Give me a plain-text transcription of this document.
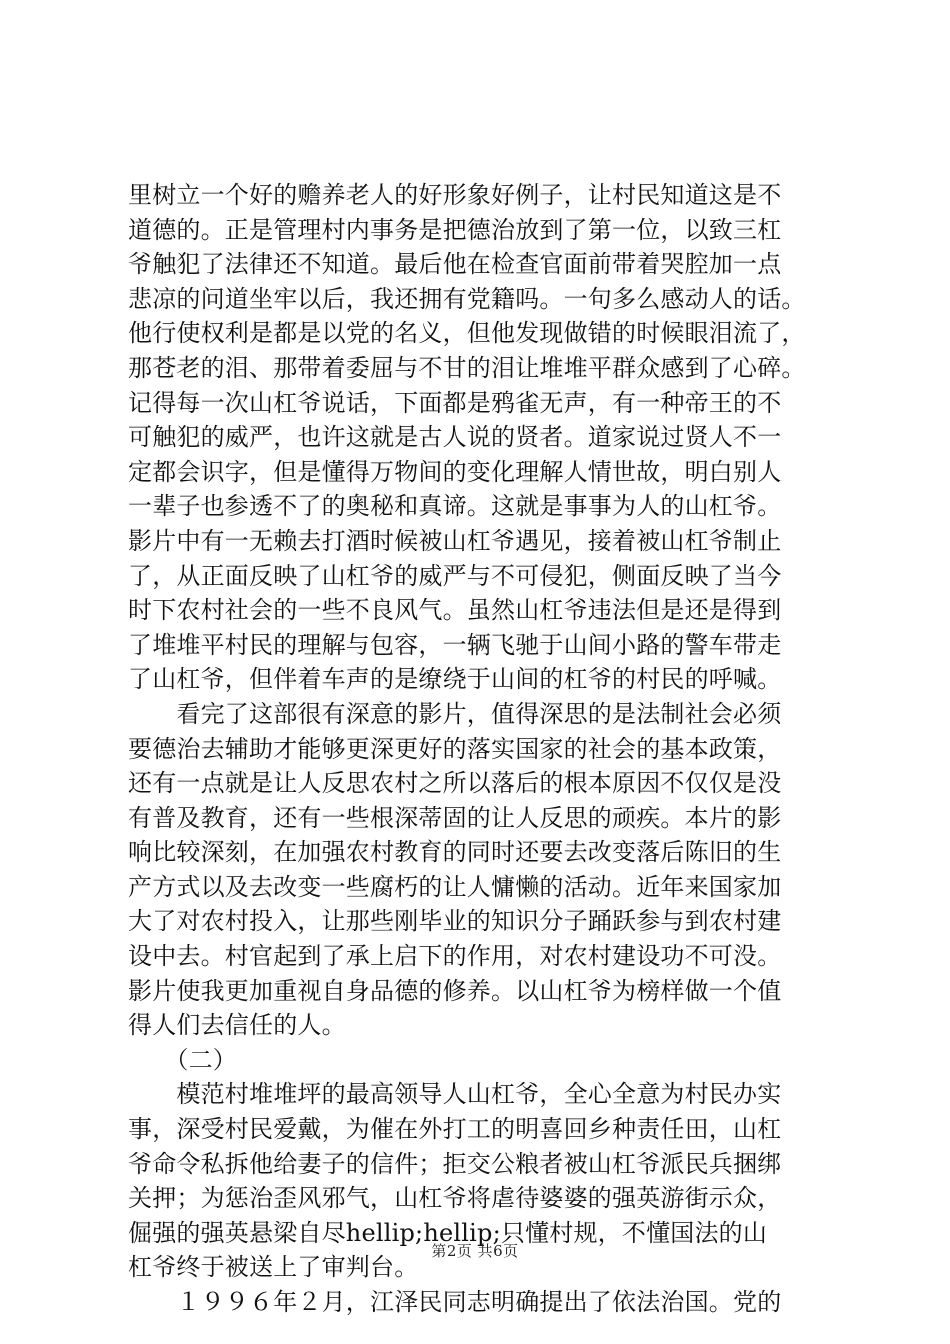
里树立一个好的赡养老人的好形象好例子，让村民知道这是不
道德的。正是管理村内事务是把德治放到了第一位，以致三杠
爷触犯了法律还不知道。最后他在检查官面前带着哭腔加一点
悲凉的问道坐牢以后，我还拥有党籍吗。一句多么感动人的话。
他行使权利是都是以党的名义，但他发现做错的时候眼泪流了，
那苍老的泪、那带着委屈与不甘的泪让堆堆平群众感到了心碎。
记得每一次山杠爷说话，下面都是鸦雀无声，有一种帝王的不
可触犯的威严，也许这就是古人说的贤者。道家说过贤人不一
定都会识字，但是懂得万物间的变化理解人情世故，明白别人
一辈子也参透不了的奥秘和真谛。这就是事事为人的山杠爷。
影片中有一无赖去打酒时候被山杠爷遇见，接着被山杠爷制止
了，从正面反映了山杠爷的威严与不可侵犯，侧面反映了当今
时下农村社会的一些不良风气。虽然山杠爷违法但是还是得到
了堆堆平村民的理解与包容，一辆飞驰于山间小路的警车带走
了山杠爷，但伴着车声的是缭绕于山间的杠爷的村民的呼喊。
　　看完了这部很有深意的影片，值得深思的是法制社会必须
要德治去辅助才能够更深更好的落实国家的社会的基本政策，
还有一点就是让人反思农村之所以落后的根本原因不仅仅是没
有普及教育，还有一些根深蒂固的让人反思的顽疾。本片的影
响比较深刻，在加强农村教育的同时还要去改变落后陈旧的生
产方式以及去改变一些腐朽的让人慵懒的活动。近年来国家加
大了对农村投入，让那些刚毕业的知识分子踊跃参与到农村建
设中去。村官起到了承上启下的作用，对农村建设功不可没。
影片使我更加重视自身品德的修养。以山杠爷为榜样做一个值
得人们去信任的人。
　　（二）
　　模范村堆堆坪的最高领导人山杠爷，全心全意为村民办实
事，深受村民爱戴，为催在外打工的明喜回乡种责任田，山杠
爷命令私拆他给妻子的信件；拒交公粮者被山杠爷派民兵捆绑
关押；为惩治歪风邪气，山杠爷将虐待婆婆的强英游街示众，
倔强的强英悬梁自尽hellip;hellip;只懂村规，不懂国法的山
杠爷终于被送上了审判台。
　　１９９６年２月，江泽民同志明确提出了依法治国。党的
第2页 共6页
